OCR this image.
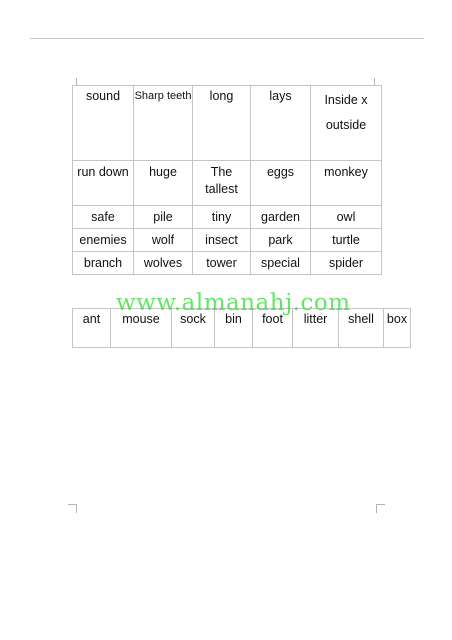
sound	Sharp teeth	long	lays	Inside x outside
run down	huge	The tallest	eggs	monkey
safe	pile	tiny	garden	owl
enemies	wolf	insect	park	turtle
branch	wolves	tower	special	spider
ant	mouse	sock	bin	foot	litter	shell	box
www.almanahj.com
